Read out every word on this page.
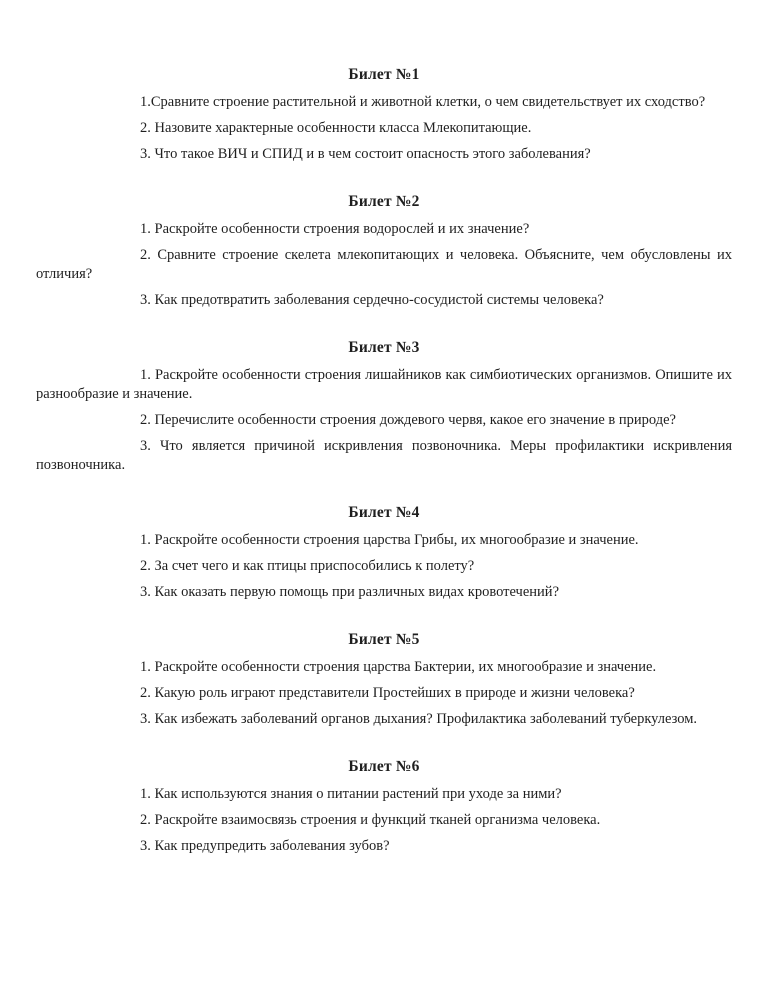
Билет №1

1.Сравните строение растительной и животной клетки, о чем свидетельствует их сходство?

2. Назовите характерные особенности класса Млекопитающие.

3. Что такое ВИЧ и СПИД и в чем состоит опасность этого заболевания?

Билет №2

1. Раскройте особенности строения водорослей и их значение?

2. Сравните строение скелета млекопитающих и человека. Объясните, чем обусловлены их отличия?

3. Как предотвратить заболевания сердечно-сосудистой системы человека?

Билет №3

1. Раскройте особенности строения лишайников как симбиотических организмов. Опишите их разнообразие и значение.

2. Перечислите особенности строения дождевого червя, какое его значение в природе?

3. Что является причиной искривления позвоночника. Меры профилактики искривления позвоночника.

Билет №4

1. Раскройте особенности строения царства Грибы, их многообразие и значение.

2. За счет чего и как птицы приспособились к полету?

3. Как оказать первую помощь при различных видах кровотечений?

Билет №5

1. Раскройте особенности строения царства Бактерии, их многообразие и значение.

2. Какую роль играют представители Простейших в природе и жизни человека?

3. Как избежать заболеваний органов дыхания? Профилактика заболеваний туберкулезом.

Билет №6

1. Как используются знания о питании растений при уходе за ними?

2. Раскройте взаимосвязь строения и функций тканей организма человека.

3. Как предупредить заболевания зубов?
